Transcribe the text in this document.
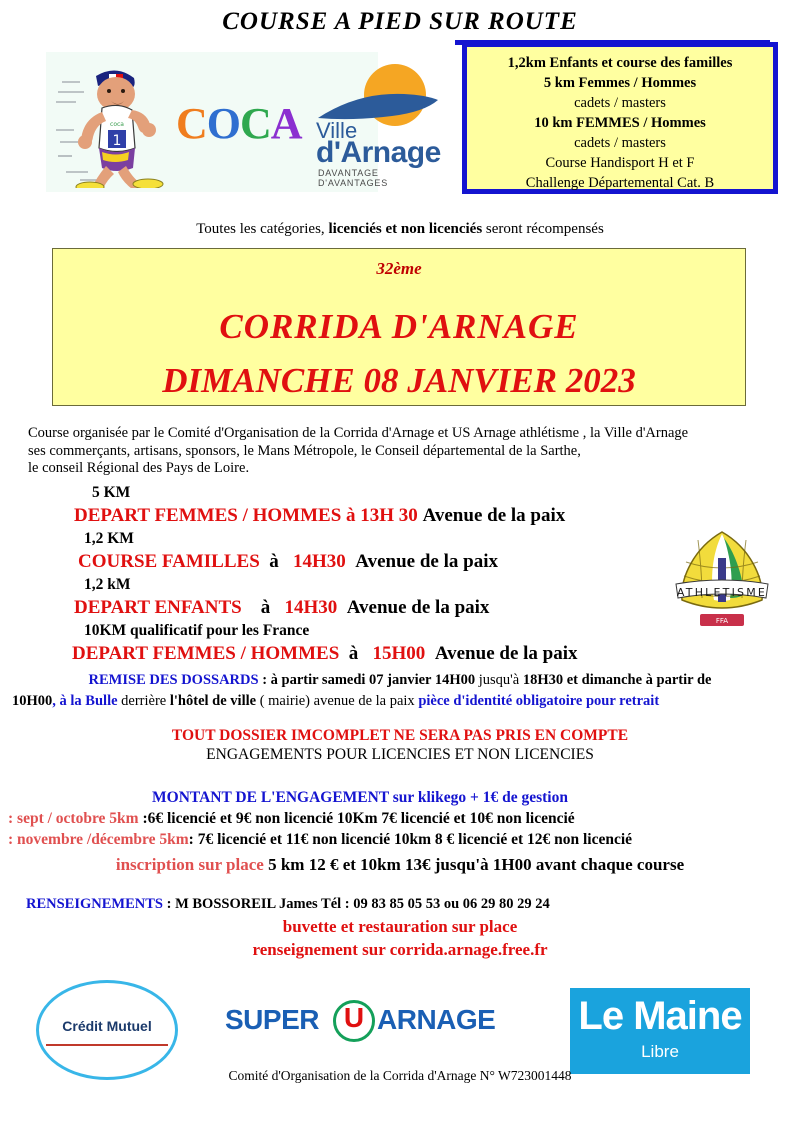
COURSE A PIED SUR ROUTE
coca
1 COCA Ville
d'Arnage
DAVANTAGE D'AVANTAGES
1,2km Enfants et course des familles
5 km Femmes / Hommes
cadets / masters
10 km FEMMES / Hommes
cadets / masters
Course Handisport H et F
Challenge Départemental Cat. B
Toutes les catégories, licenciés et non licenciés seront récompensés
32ème
CORRIDA D'ARNAGE
DIMANCHE 08 JANVIER 2023
Course organisée par le Comité d'Organisation de la Corrida d'Arnage et US Arnage athlétisme , la Ville d'Arnage
ses commerçants, artisans, sponsors, le Mans Métropole, le Conseil départemental de la Sarthe,
le conseil Régional des Pays de Loire.
5 KM
DEPART FEMMES / HOMMES à 13H 30 Avenue de la paix
1,2 KM
COURSE FAMILLES à 14H30 Avenue de la paix
1,2 kM
DEPART ENFANTS à 14H30 Avenue de la paix
10KM qualificatif pour les France
DEPART FEMMES / HOMMES à 15H00 Avenue de la paix
ATHLETISME
FFA
REMISE DES DOSSARDS : à partir samedi 07 janvier 14H00 jusqu'à 18H30 et dimanche à partir de
10H00, à la Bulle derrière l'hôtel de ville ( mairie) avenue de la paix pièce d'identité obligatoire pour retrait
TOUT DOSSIER IMCOMPLET NE SERA PAS PRIS EN COMPTE
ENGAGEMENTS POUR LICENCIES ET NON LICENCIES
MONTANT DE L'ENGAGEMENT sur klikego + 1€ de gestion
: sept / octobre 5km :6€ licencié et 9€ non licencié 10Km 7€ licencié et 10€ non licencié
: novembre /décembre 5km: 7€ licencié et 11€ non licencié 10km 8 € licencié et 12€ non licencié
inscription sur place 5 km 12 € et 10km 13€ jusqu'à 1H00 avant chaque course
RENSEIGNEMENTS : M BOSSOREIL James Tél : 09 83 85 05 53 ou 06 29 80 29 24
buvette et restauration sur place
renseignement sur corrida.arnage.free.fr
Crédit Mutuel	SUPER U ARNAGE Le Maine
Libre
Comité d'Organisation de la Corrida d'Arnage N° W723001448
